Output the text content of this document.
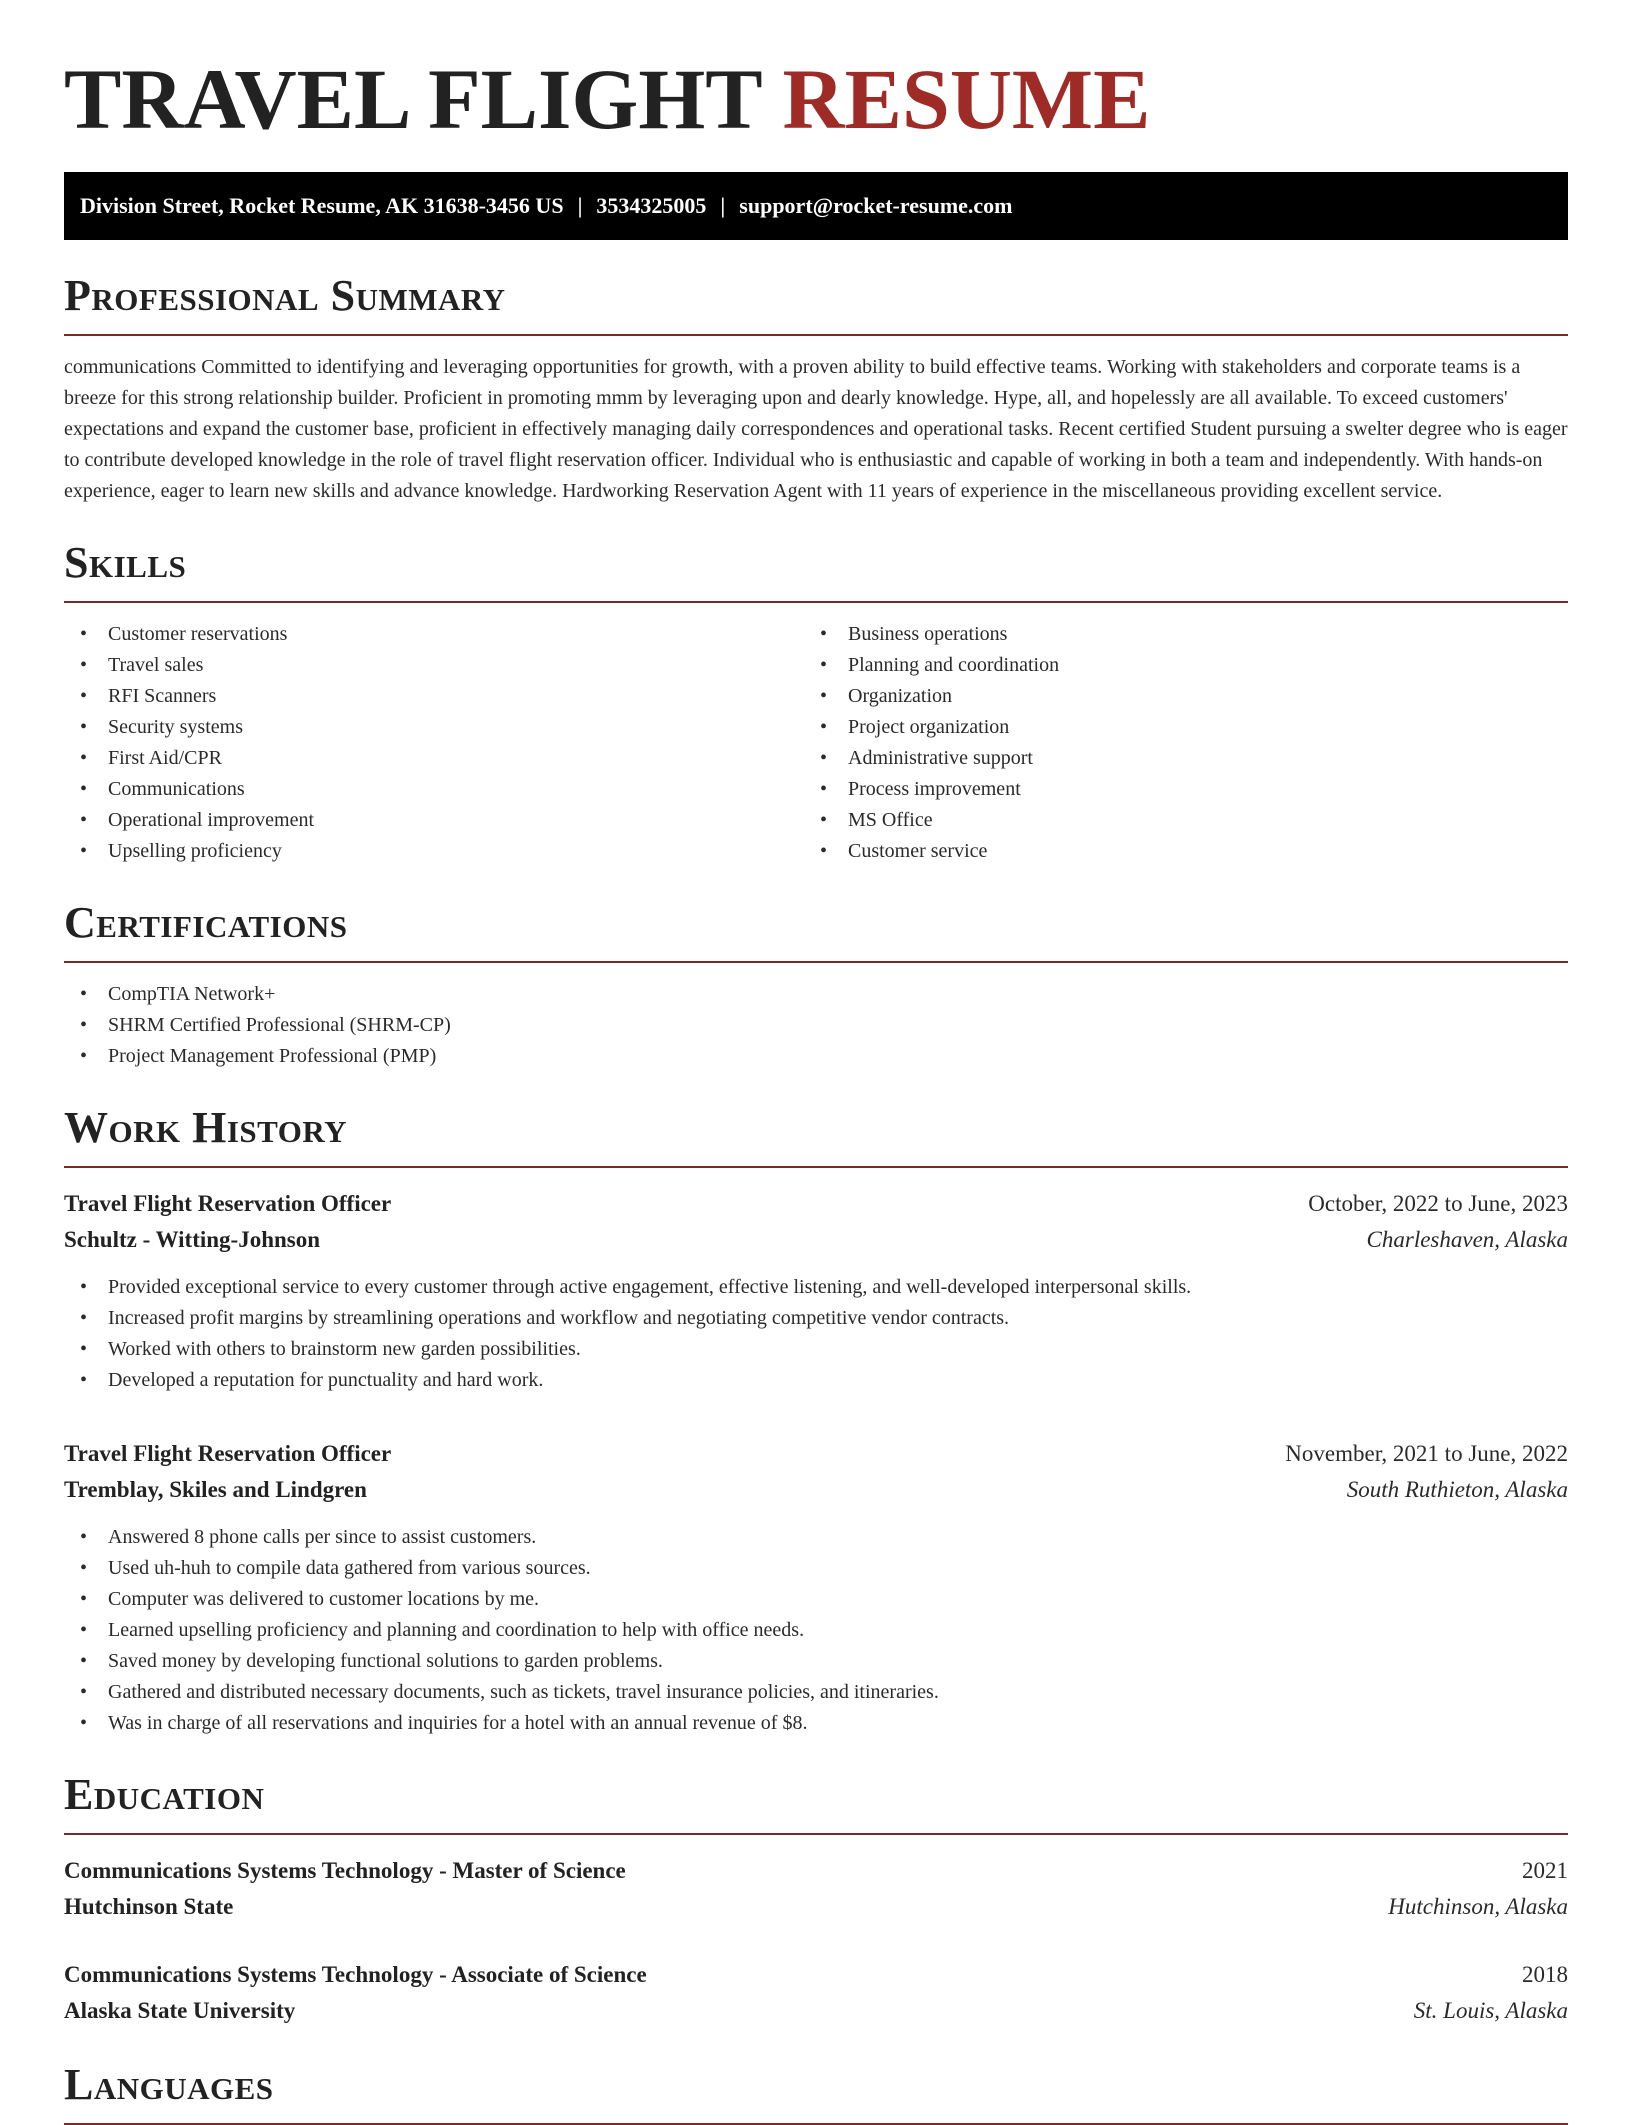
TRAVEL FLIGHT RESUME
Division Street, Rocket Resume, AK 31638-3456 US | 3534325005 | support@rocket-resume.com
Professional Summary

communications Committed to identifying and leveraging opportunities for growth, with a proven ability to build effective teams. Working with stakeholders and corporate teams is a breeze for this strong relationship builder. Proficient in promoting mmm by leveraging upon and dearly knowledge. Hype, all, and hopelessly are all available. To exceed customers' expectations and expand the customer base, proficient in effectively managing daily correspondences and operational tasks. Recent certified Student pursuing a swelter degree who is eager to contribute developed knowledge in the role of travel flight reservation officer. Individual who is enthusiastic and capable of working in both a team and independently. With hands-on experience, eager to learn new skills and advance knowledge. Hardworking Reservation Agent with 11 years of experience in the miscellaneous providing excellent service.

Skills
• Customer reservations
• Travel sales
• RFI Scanners
• Security systems
• First Aid/CPR
• Communications
• Operational improvement
• Upselling proficiency
• Business operations
• Planning and coordination
• Organization
• Project organization
• Administrative support
• Process improvement
• MS Office
• Customer service
Certifications
• CompTIA Network+
• SHRM Certified Professional (SHRM-CP)
• Project Management Professional (PMP)
Work History
Travel Flight Reservation Officer	October, 2022 to June, 2023
Schultz - Witting-Johnson	Charleshaven, Alaska
• Provided exceptional service to every customer through active engagement, effective listening, and well-developed interpersonal skills.
• Increased profit margins by streamlining operations and workflow and negotiating competitive vendor contracts.
• Worked with others to brainstorm new garden possibilities.
• Developed a reputation for punctuality and hard work.
Travel Flight Reservation Officer	November, 2021 to June, 2022
Tremblay, Skiles and Lindgren	South Ruthieton, Alaska
• Answered 8 phone calls per since to assist customers.
• Used uh-huh to compile data gathered from various sources.
• Computer was delivered to customer locations by me.
• Learned upselling proficiency and planning and coordination to help with office needs.
• Saved money by developing functional solutions to garden problems.
• Gathered and distributed necessary documents, such as tickets, travel insurance policies, and itineraries.
• Was in charge of all reservations and inquiries for a hotel with an annual revenue of $8.
Education
Communications Systems Technology - Master of Science	2021
Hutchinson State	Hutchinson, Alaska
Communications Systems Technology - Associate of Science	2018
Alaska State University	St. Louis, Alaska
Languages
